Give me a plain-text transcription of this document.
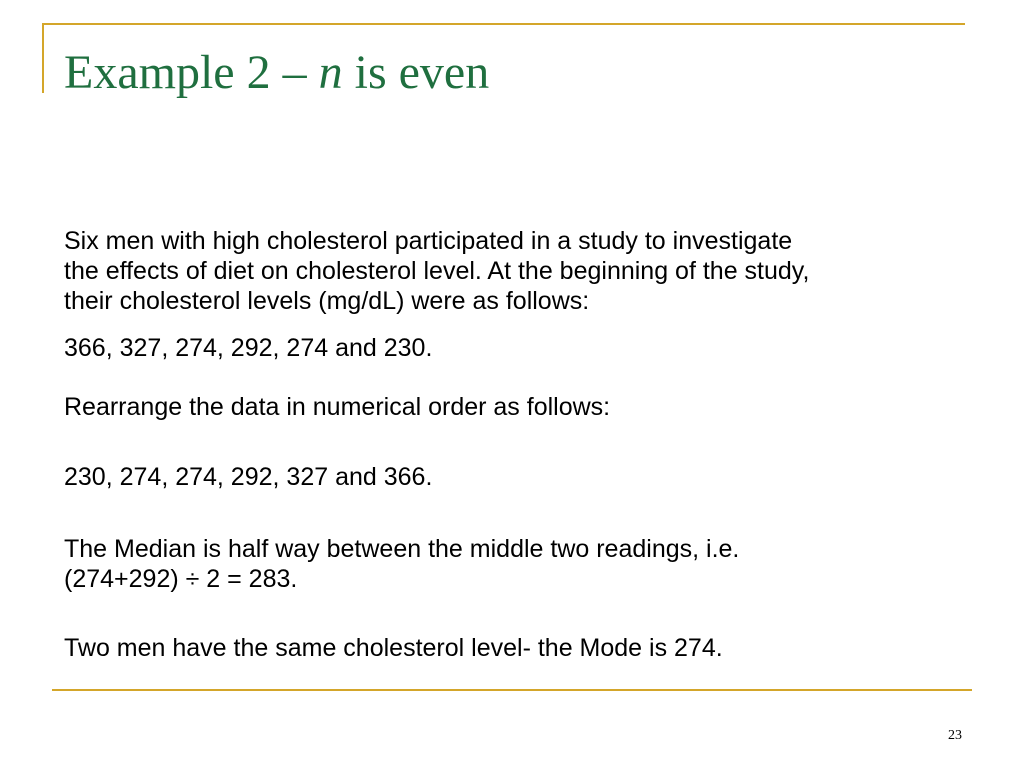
Example 2 – n is even

Six men with high cholesterol participated in a study to investigate

the effects of diet on cholesterol level. At the beginning of the study,

their cholesterol levels (mg/dL) were as follows:

366, 327, 274, 292, 274 and 230.

Rearrange the data in numerical order as follows:

230, 274, 274, 292, 327 and 366.

The Median is half way between the middle two readings, i.e.

(274+292) ÷ 2 = 283.

Two men have the same cholesterol level- the Mode is 274.

23
